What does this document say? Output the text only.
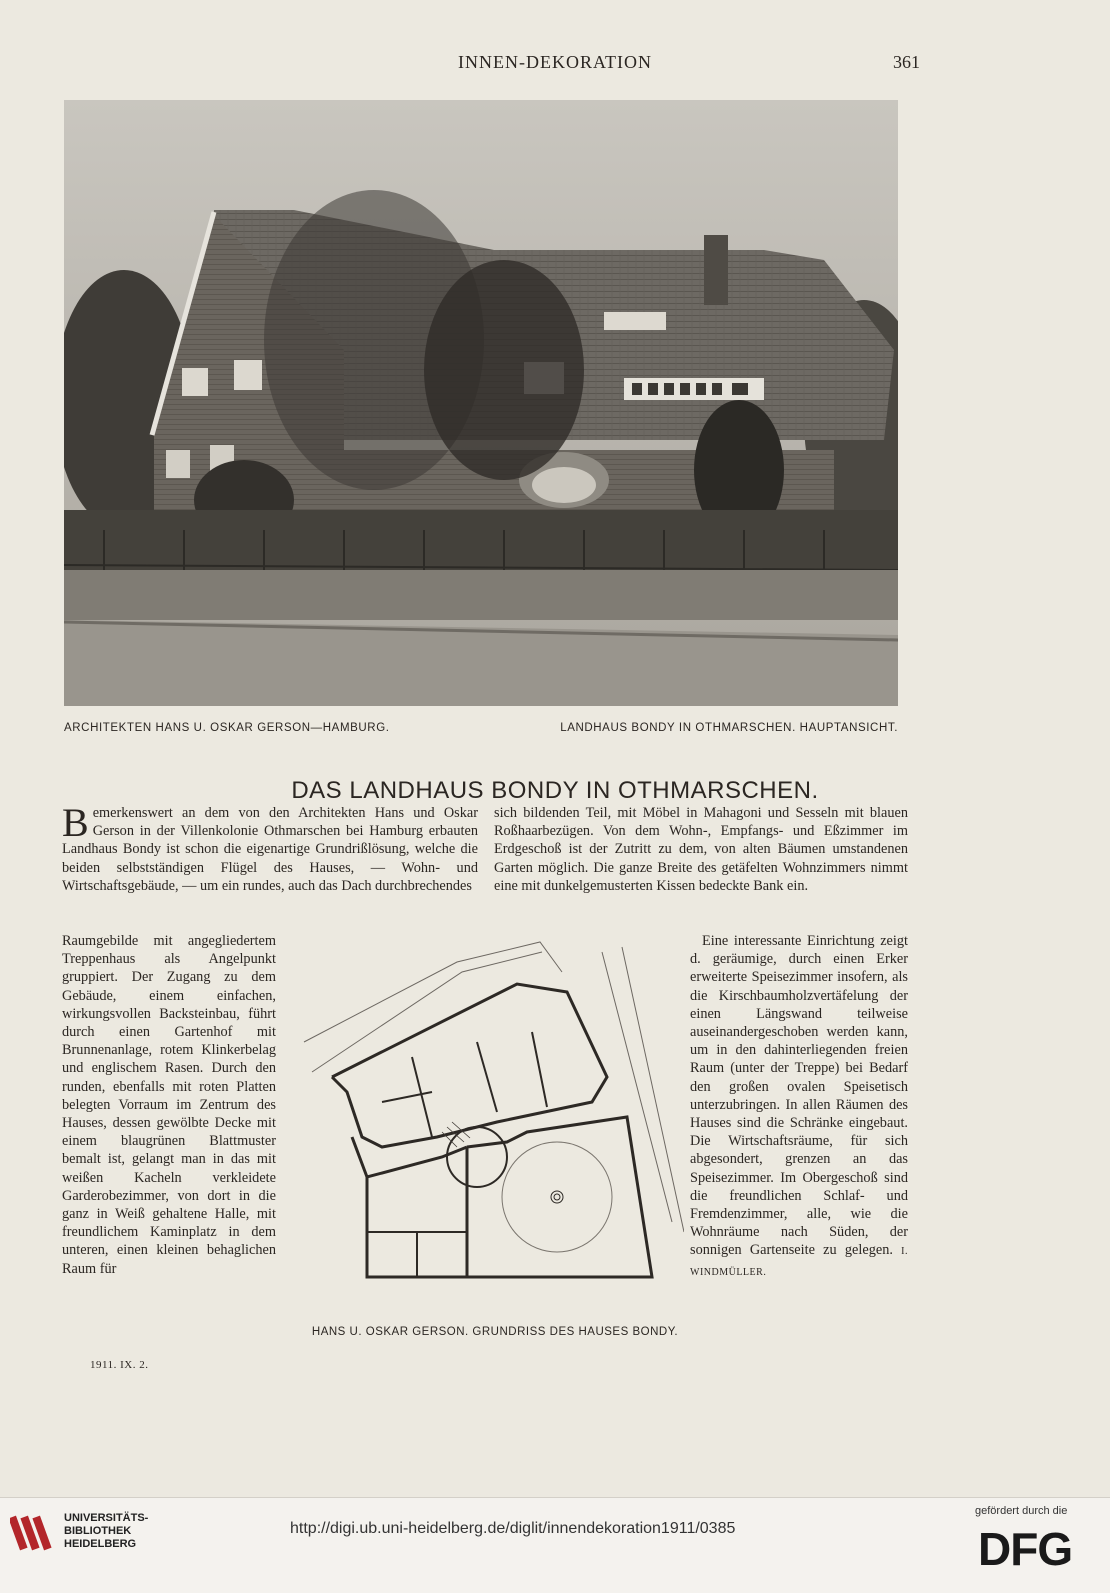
INNEN-DEKORATION	361
ARCHITEKTEN HANS U. OSKAR GERSON—HAMBURG.	LANDHAUS BONDY IN OTHMARSCHEN. HAUPTANSICHT.
DAS LANDHAUS BONDY IN OTHMARSCHEN.
Bemerkenswert an dem von den Architekten Hans und Oskar Gerson in der Villenkolonie Othmarschen bei Hamburg erbauten Landhaus Bondy ist schon die eigenartige Grundrißlösung, welche die beiden selbstständigen Flügel des Hauses, — Wohn- und Wirtschaftsgebäude, — um ein rundes, auch das Dach durchbrechendes
Raumgebilde mit angegliedertem Treppenhaus als Angelpunkt gruppiert. Der Zugang zu dem Gebäude, einem einfachen, wirkungsvollen Backsteinbau, führt durch einen Gartenhof mit Brunnenanlage, rotem Klinkerbelag und englischem Rasen. Durch den runden, ebenfalls mit roten Platten belegten Vorraum im Zentrum des Hauses, dessen gewölbte Decke mit einem blaugrünen Blattmuster bemalt ist, gelangt man in das mit weißen Kacheln verkleidete Garderobezimmer, von dort in die ganz in Weiß gehaltene Halle, mit freundlichem Kaminplatz in dem unteren, einen kleinen behaglichen Raum für
sich bildenden Teil, mit Möbel in Mahagoni und Sesseln mit blauen Roßhaarbezügen. Von dem Wohn-, Empfangs- und Eßzimmer im Erdgeschoß ist der Zutritt zu dem, von alten Bäumen umstandenen Garten möglich. Die ganze Breite des getäfelten Wohnzimmers nimmt eine mit dunkelgemusterten Kissen bedeckte Bank ein.
Eine interessante Einrichtung zeigt d. geräumige, durch einen Erker erweiterte Speisezimmer insofern, als die Kirschbaumholzvertäfelung der einen Längswand teilweise auseinandergeschoben werden kann, um in den dahinterliegenden freien Raum (unter der Treppe) bei Bedarf den großen ovalen Speisetisch unterzubringen. In allen Räumen des Hauses sind die Schränke eingebaut. Die Wirtschaftsräume, für sich abgesondert, grenzen an das Speisezimmer. Im Obergeschoß sind die freundlichen Schlaf- und Fremdenzimmer, alle, wie die Wohnräume nach Süden, der sonnigen Gartenseite zu gelegen. I. WINDMÜLLER.
HANS U. OSKAR GERSON. GRUNDRISS DES HAUSES BONDY.
1911. IX. 2.
UNIVERSITÄTS-
BIBLIOTHEK
HEIDELBERG
http://digi.ub.uni-heidelberg.de/diglit/innendekoration1911/0385
gefördert durch die
DFG
